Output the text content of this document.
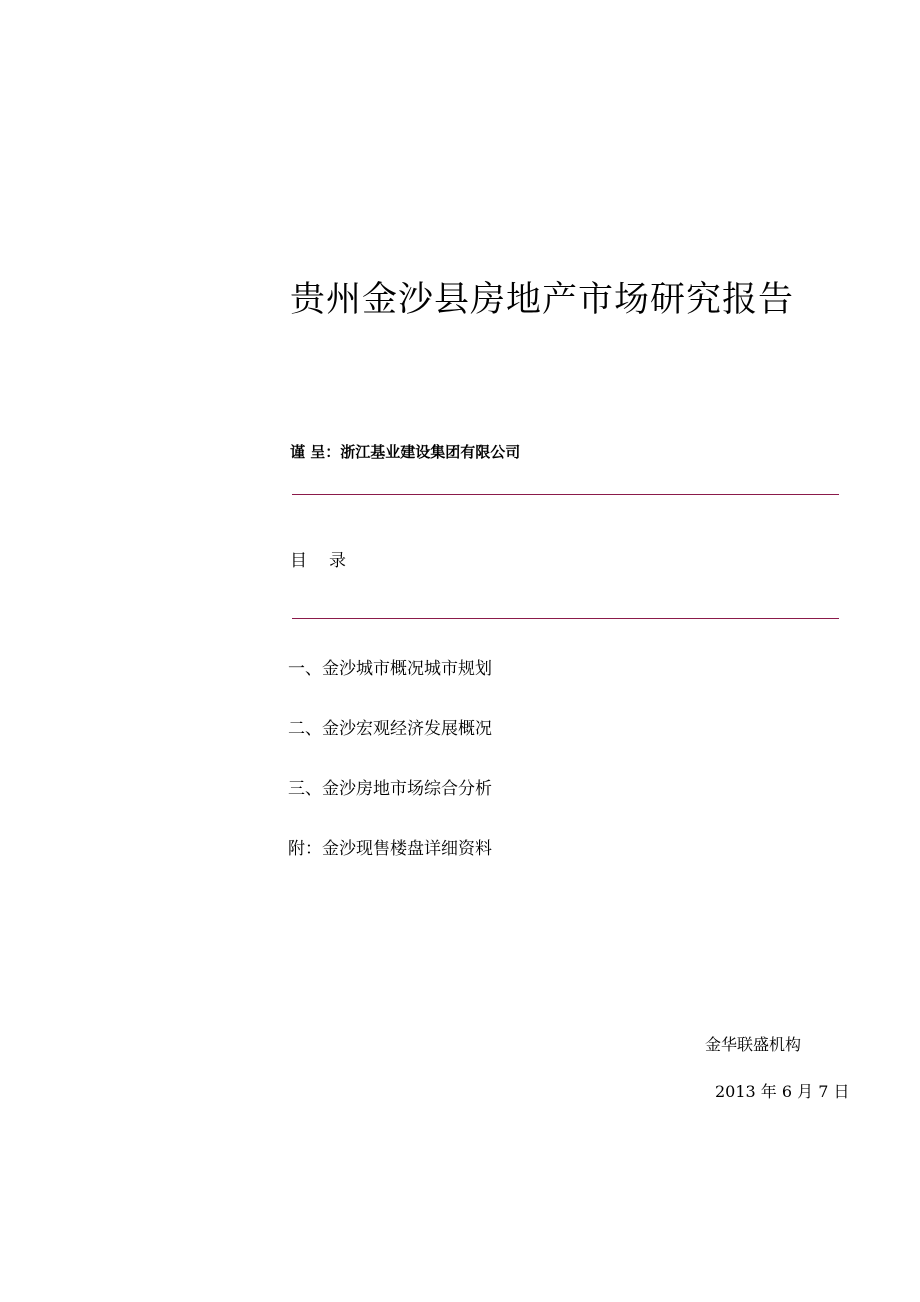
贵州金沙县房地产市场研究报告
谨 呈：浙江基业建设集团有限公司
目 录
一、金沙城市概况城市规划
二、金沙宏观经济发展概况
三、金沙房地市场综合分析
附：金沙现售楼盘详细资料
金华联盛机构
2013 年 6 月 7 日
